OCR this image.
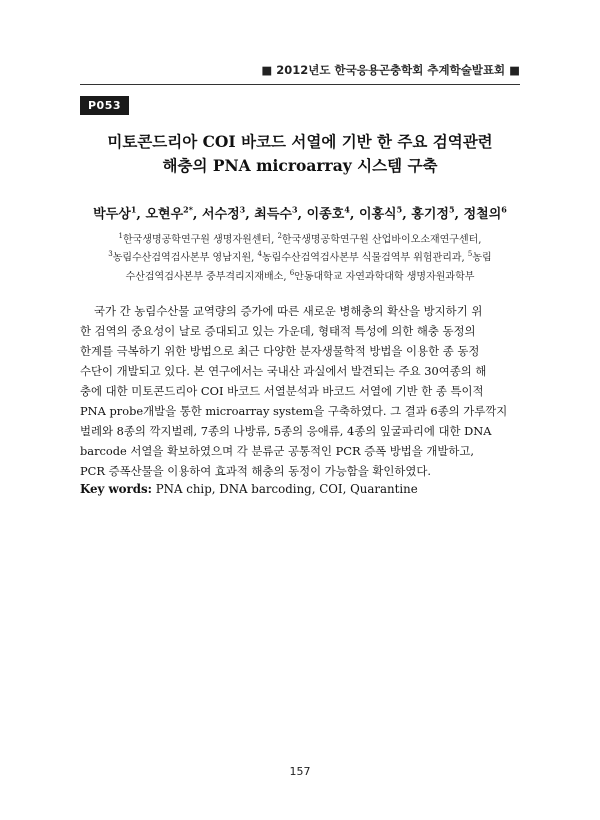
■ 2012년도 한국응용곤충학회 추계학술발표회 ■
P053
미토콘드리아 COI 바코드 서열에 기반 한 주요 검역관련
해충의 PNA microarray 시스템 구축
박두상$^1$, 오현우$^{2*}$, 서수정$^3$, 최득수$^3$, 이종호$^4$, 이홍식$^5$, 홍기정$^5$, 정철의$^6$
$^1$한국생명공학연구원 생명자원센터, $^2$한국생명공학연구원 산업바이오소재연구센터,
$^3$농림수산검역검사본부 영남지원, $^4$농림수산검역검사본부 식물검역부 위험관리과, $^5$농림
수산검역검사본부 중부격리지재배소, $^6$안동대학교 자연과학대학 생명자원과학부
국가 간 농림수산물 교역량의 증가에 따른 새로운 병해충의 확산을 방지하기 위
한 검역의 중요성이 날로 증대되고 있는 가운데, 형태적 특성에 의한 해충 동정의
한계를 극복하기 위한 방법으로 최근 다양한 분자생물학적 방법을 이용한 종 동정
수단이 개발되고 있다. 본 연구에서는 국내산 과실에서 발견되는 주요 30여종의 해
충에 대한 미토콘드리아 COI 바코드 서열분석과 바코드 서열에 기반 한 종 특이적
PNA probe개발을 통한 microarray system을 구축하였다. 그 결과 6종의 가루깍지
벌레와 8종의 깍지벌레, 7종의 나방류, 5종의 응애류, 4종의 잎굴파리에 대한 DNA
barcode 서열을 확보하였으며 각 분류군 공통적인 PCR 증폭 방법을 개발하고,
PCR 증폭산물을 이용하여 효과적 해충의 동정이 가능함을 확인하였다.
Key words: PNA chip, DNA barcoding, COI, Quarantine
157
